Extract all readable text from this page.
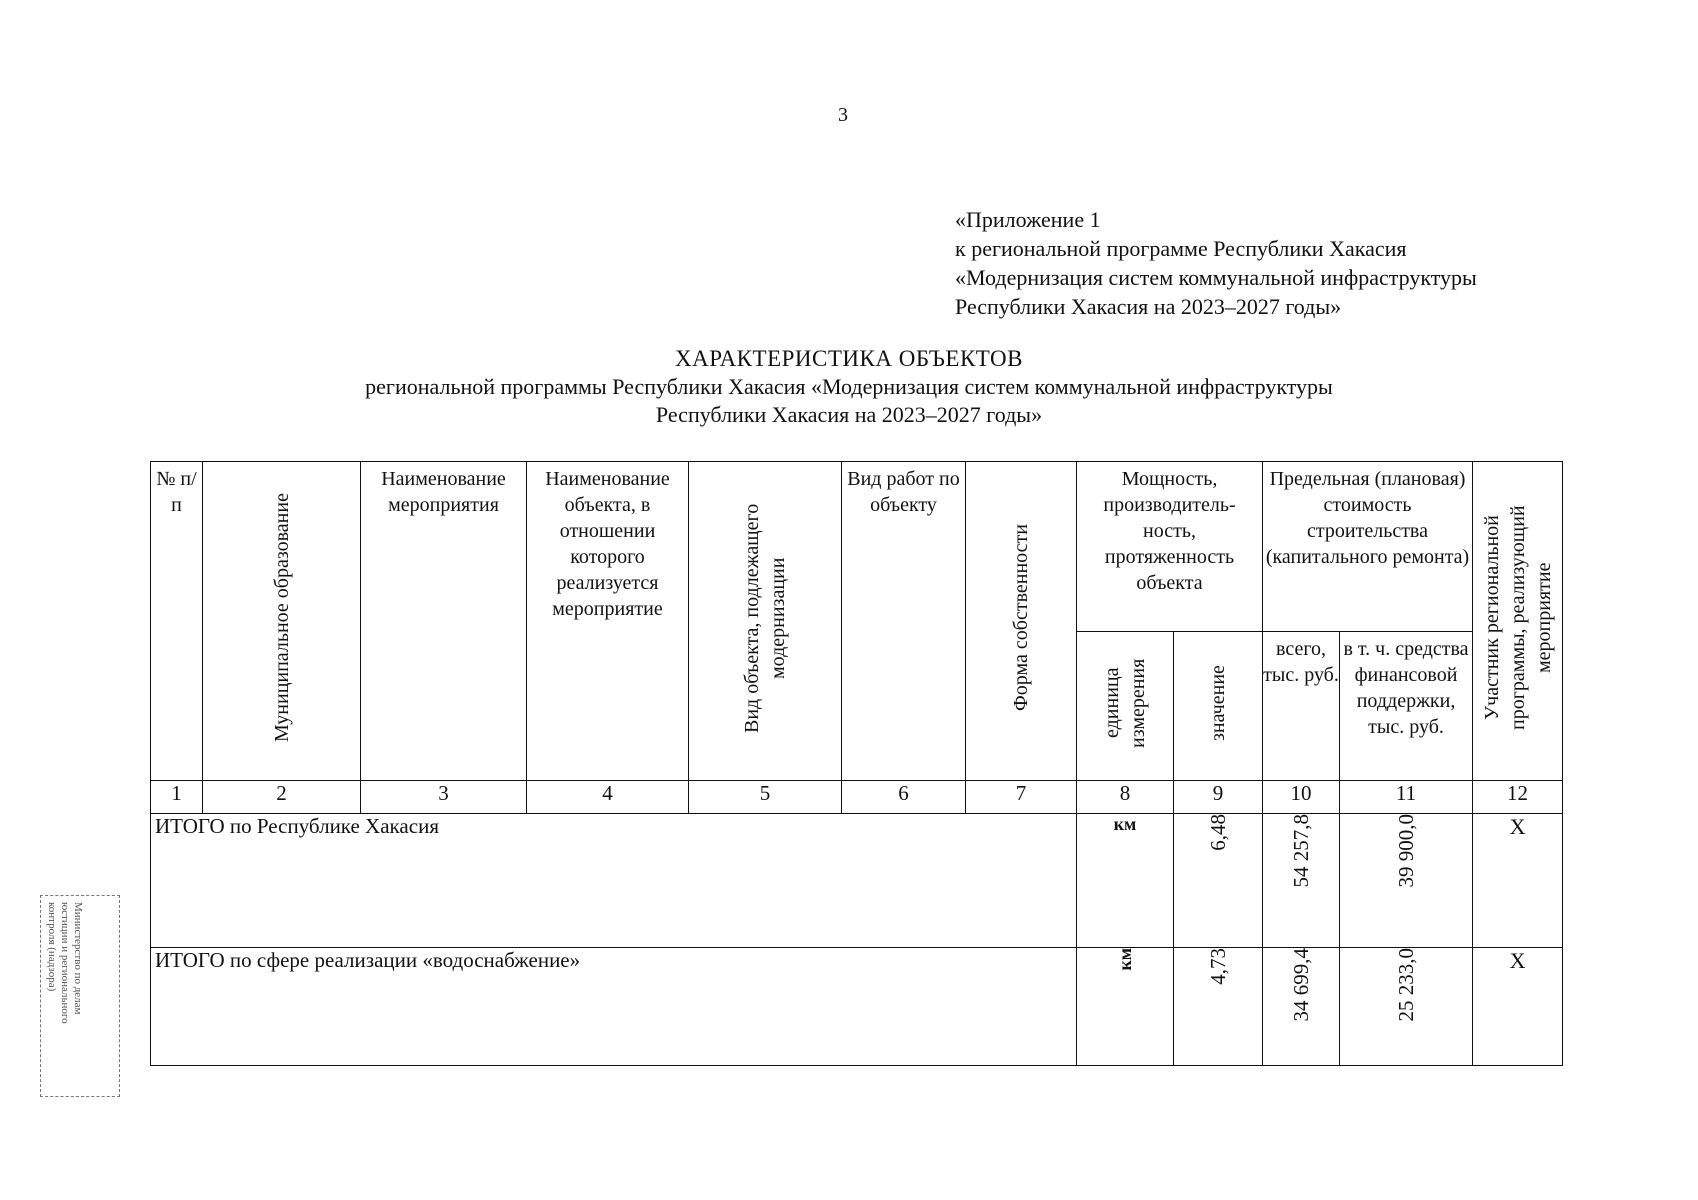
3
«Приложение 1
к региональной программе Республики Хакасия
«Модернизация систем коммунальной инфраструктуры
Республики Хакасия на 2023–2027 годы»
ХАРАКТЕРИСТИКА ОБЪЕКТОВ
региональной программы Республики Хакасия «Модернизация систем коммунальной инфраструктуры
Республики Хакасия на 2023–2027 годы»
№ п/п	Муниципальное образование	Наименование мероприятия	Наименование объекта, в отношении которого реализуется мероприятие	Вид объекта, подлежащего модернизации	Вид работ по объекту	Форма собственности	Мощность, производитель-ность, протяженность объекта		Предельная (плановая) стоимость строительства (капитального ремонта)		Участник региональной программы, реализующий мероприятие
							единица измерения	значение	всего, тыс. руб.	в т. ч. средства финансовой поддержки, тыс. руб.	
1	2	3	4	5	6	7	8	9	10	11	12
ИТОГО по Республике Хакасия							км	6,48	54 257,8	39 900,0	Х
ИТОГО по сфере реализации «водоснабжение»							км	4,73	34 699,4	25 233,0	Х
Министерство по делам
юстиции и регионального
контроля (надзора)
